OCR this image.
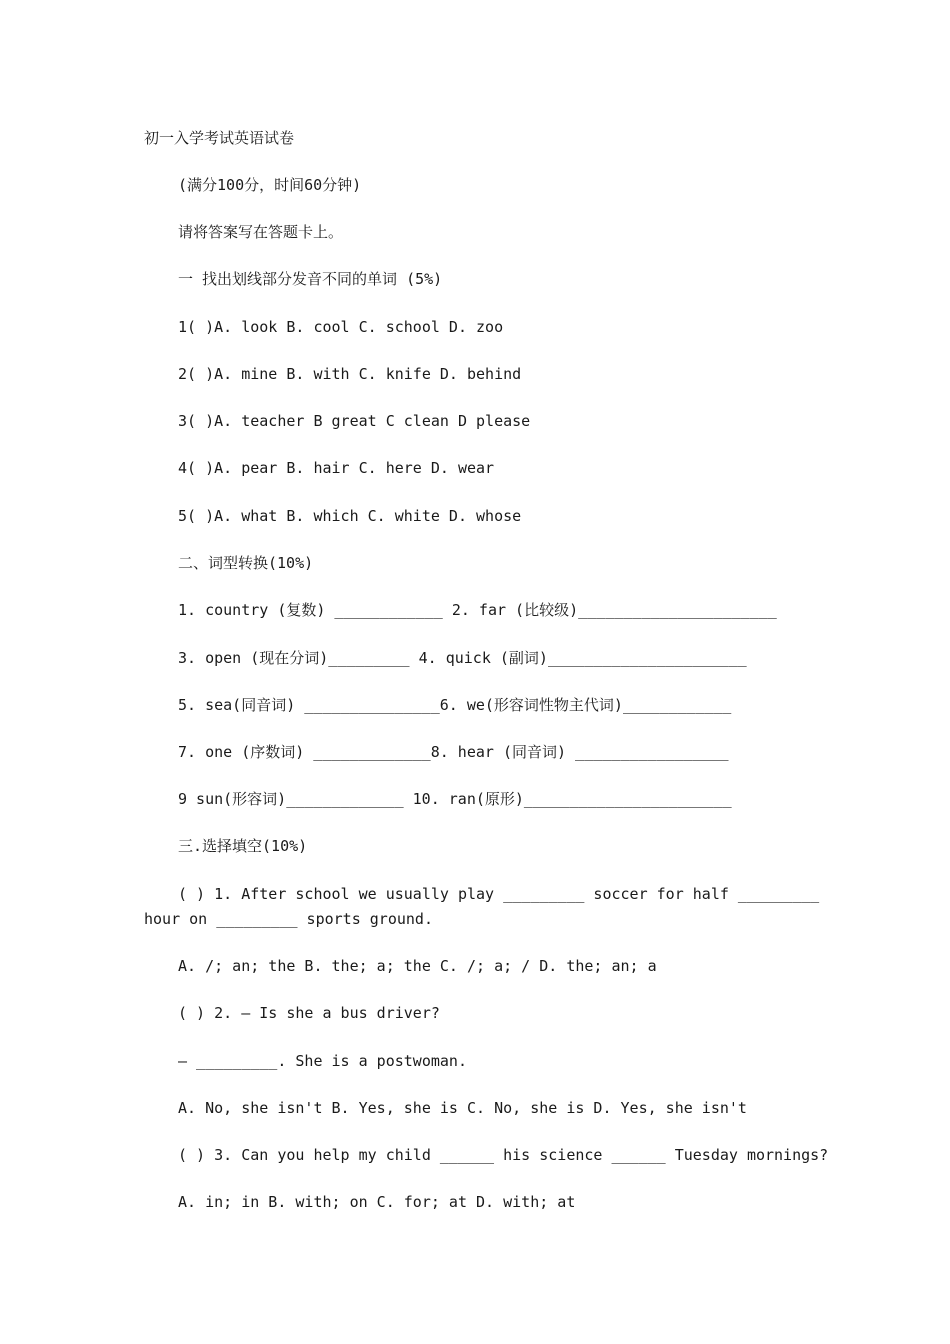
初一入学考试英语试卷
(满分100分，时间60分钟)
请将答案写在答题卡上。
一 找出划线部分发音不同的单词 (5%)
1( )A. look B. cool C. school D. zoo
2( )A. mine B. with C. knife D. behind
3( )A. teacher B great C clean D please
4( )A. pear B. hair C. here D. wear
5( )A. what B. which C. white D. whose
二、词型转换(10%)
1. country (复数) ____________ 2. far (比较级)______________________
3. open (现在分词)_________ 4. quick (副词)______________________
5. sea(同音词) _______________6. we(形容词性物主代词)____________
7. one (序数词) _____________8. hear (同音词) _________________
9 sun(形容词)_____________ 10. ran(原形)_______________________
三.选择填空(10%)
( ) 1. After school we usually play _________ soccer for half _________
hour on _________ sports ground.
A. /; an; the B. the; a; the C. /; a; / D. the; an; a
( ) 2. — Is she a bus driver?
— _________. She is a postwoman.
A. No, she isn't B. Yes, she is C. No, she is D. Yes, she isn't
( ) 3. Can you help my child ______ his science ______ Tuesday mornings?
A. in; in B. with; on C. for; at D. with; at
